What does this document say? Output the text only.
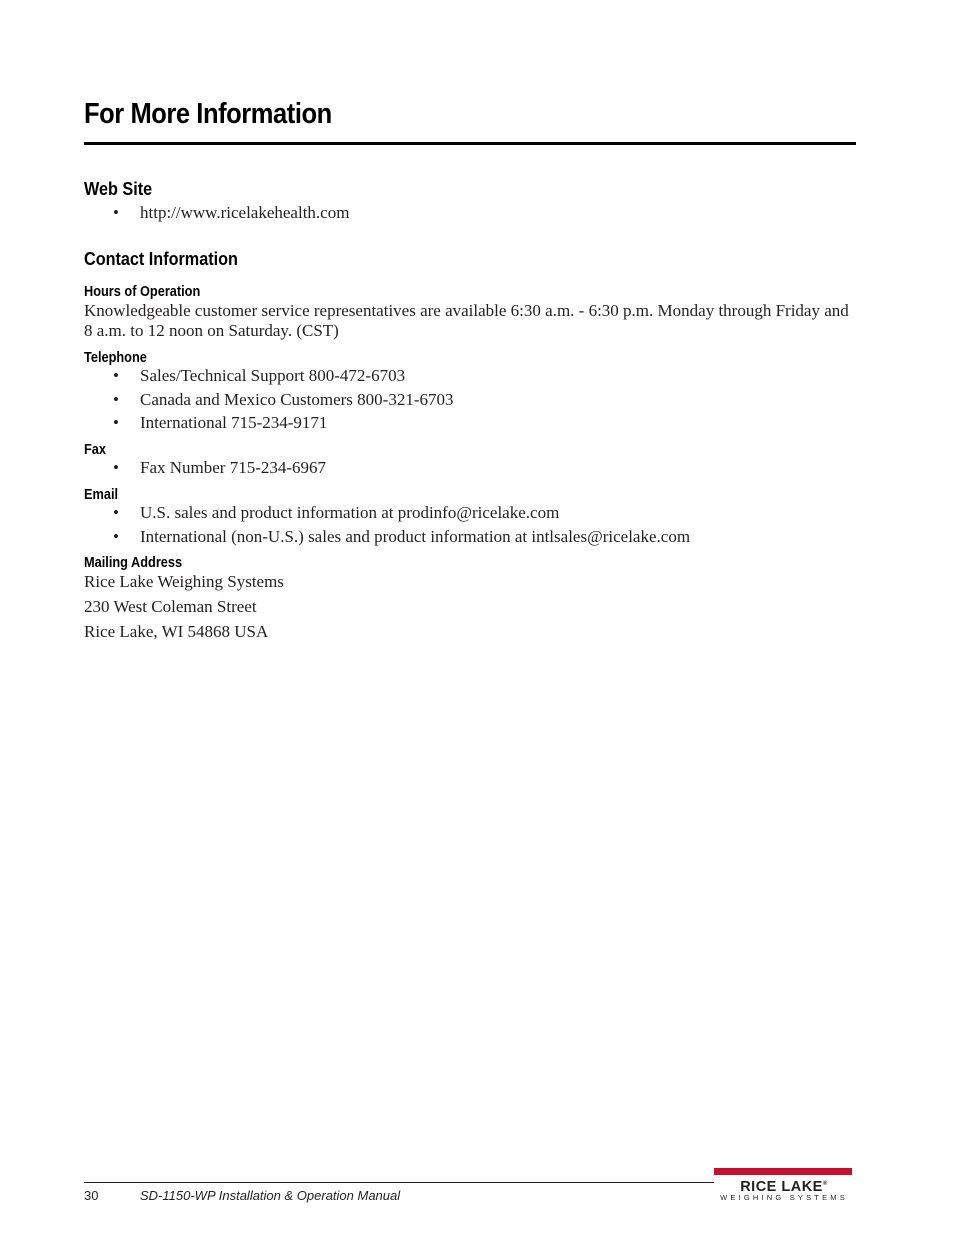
For More Information
Web Site
• http://www.ricelakehealth.com
Contact Information
Hours of Operation

Knowledgeable customer service representatives are available 6:30 a.m. - 6:30 p.m. Monday through Friday and 8 a.m. to 12 noon on Saturday. (CST)

Telephone
• Sales/Technical Support 800-472-6703
• Canada and Mexico Customers 800-321-6703
• International 715-234-9171
Fax
• Fax Number 715-234-6967
Email
• U.S. sales and product information at prodinfo@ricelake.com
• International (non-U.S.) sales and product information at intlsales@ricelake.com
Mailing Address

Rice Lake Weighing Systems

230 West Coleman Street

Rice Lake, WI 54868 USA

30	SD-1150-WP Installation & Operation Manual
RICE LAKE®
WEIGHING SYSTEMS
